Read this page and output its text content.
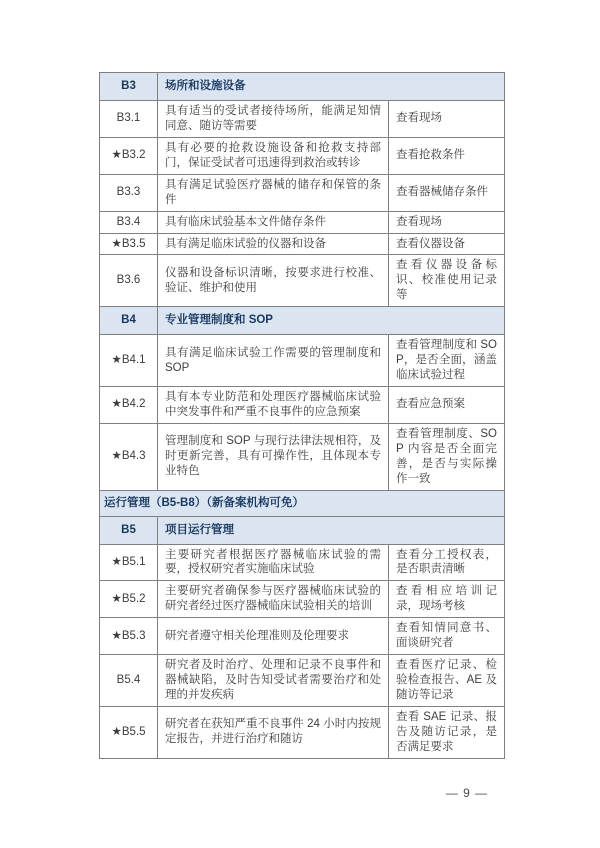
B3	场所和设施设备	
B3.1	具有适当的受试者接待场所，能满足知情同意、随访等需要	查看现场
★B3.2	具有必要的抢救设施设备和抢救支持部门，保证受试者可迅速得到救治或转诊	查看抢救条件
B3.3	具有满足试验医疗器械的储存和保管的条件	查看器械储存条件
B3.4	具有临床试验基本文件储存条件	查看现场
★B3.5	具有满足临床试验的仪器和设备	查看仪器设备
B3.6	仪器和设备标识清晰，按要求进行校准、验证、维护和使用	查看仪器设备标识、校准使用记录等
B4	专业管理制度和 SOP	
★B4.1	具有满足临床试验工作需要的管理制度和 SOP	查看管理制度和 SOP，是否全面，涵盖临床试验过程
★B4.2	具有本专业防范和处理医疗器械临床试验中突发事件和严重不良事件的应急预案	查看应急预案
★B4.3	管理制度和 SOP 与现行法律法规相符，及时更新完善，具有可操作性，且体现本专业特色	查看管理制度、SOP 内容是否全面完善，是否与实际操作一致
运行管理（B5-B8）（新备案机构可免）		
B5	项目运行管理	
★B5.1	主要研究者根据医疗器械临床试验的需要，授权研究者实施临床试验	查看分工授权表，是否职责清晰
★B5.2	主要研究者确保参与医疗器械临床试验的研究者经过医疗器械临床试验相关的培训	查看相应培训记录，现场考核
★B5.3	研究者遵守相关伦理准则及伦理要求	查看知情同意书、面谈研究者
B5.4	研究者及时治疗、处理和记录不良事件和器械缺陷，及时告知受试者需要治疗和处理的并发疾病	查看医疗记录、检验检查报告、AE 及随访等记录
★B5.5	研究者在获知严重不良事件 24 小时内按规定报告，并进行治疗和随访	查看 SAE 记录、报告及随访记录，是否满足要求
— 9 —
